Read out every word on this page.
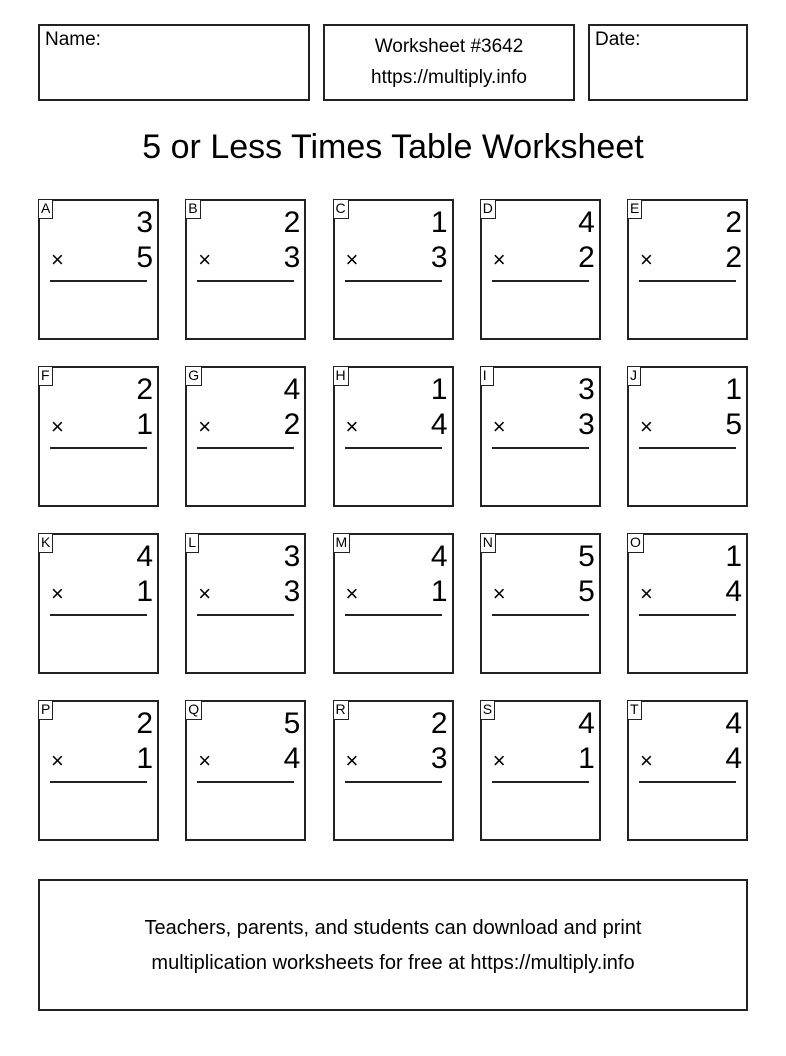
Name:	Worksheet #3642
https://multiply.info
Date:
5 or Less Times Table Worksheet
A	3
×	5
B	2
×	3
C	1
×	3
D	4
×	2
E	2
×	2
F	2
×	1
G	4
×	2
H	1
×	4
I	3
×	3
J	1
×	5
K	4
×	1
L	3
×	3
M	4
×	1
N	5
×	5
O	1
×	4
P	2
×	1
Q	5
×	4
R	2
×	3
S	4
×	1
T	4
×	4
Teachers, parents, and students can download and print
multiplication worksheets for free at https://multiply.info
